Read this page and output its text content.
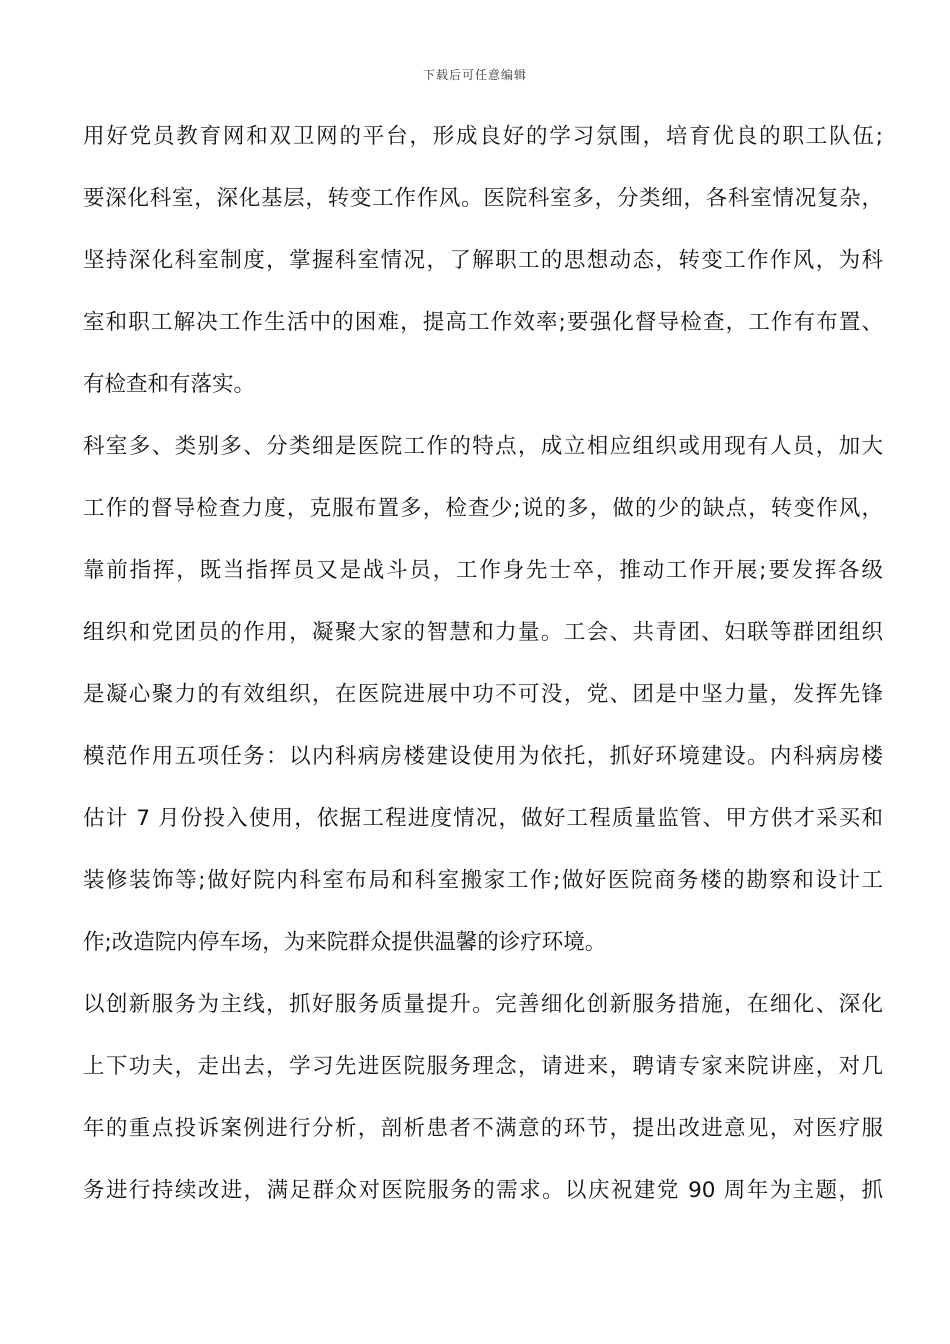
下载后可任意编辑
用好党员教育网和双卫网的平台，形成良好的学习氛围，培育优良的职工队伍;
要深化科室，深化基层，转变工作作风。医院科室多，分类细，各科室情况复杂，
坚持深化科室制度，掌握科室情况，了解职工的思想动态，转变工作作风，为科
室和职工解决工作生活中的困难，提高工作效率;要强化督导检查，工作有布置、
有检查和有落实。
科室多、类别多、分类细是医院工作的特点，成立相应组织或用现有人员，加大
工作的督导检查力度，克服布置多，检查少;说的多，做的少的缺点，转变作风，
靠前指挥，既当指挥员又是战斗员，工作身先士卒，推动工作开展;要发挥各级
组织和党团员的作用，凝聚大家的智慧和力量。工会、共青团、妇联等群团组织
是凝心聚力的有效组织，在医院进展中功不可没，党、团是中坚力量，发挥先锋
模范作用五项任务：以内科病房楼建设使用为依托，抓好环境建设。内科病房楼
估计 7 月份投入使用，依据工程进度情况，做好工程质量监管、甲方供才采买和
装修装饰等;做好院内科室布局和科室搬家工作;做好医院商务楼的勘察和设计工
作;改造院内停车场，为来院群众提供温馨的诊疗环境。
以创新服务为主线，抓好服务质量提升。完善细化创新服务措施，在细化、深化
上下功夫，走出去，学习先进医院服务理念，请进来，聘请专家来院讲座，对几
年的重点投诉案例进行分析，剖析患者不满意的环节，提出改进意见，对医疗服
务进行持续改进，满足群众对医院服务的需求。以庆祝建党 90 周年为主题，抓
